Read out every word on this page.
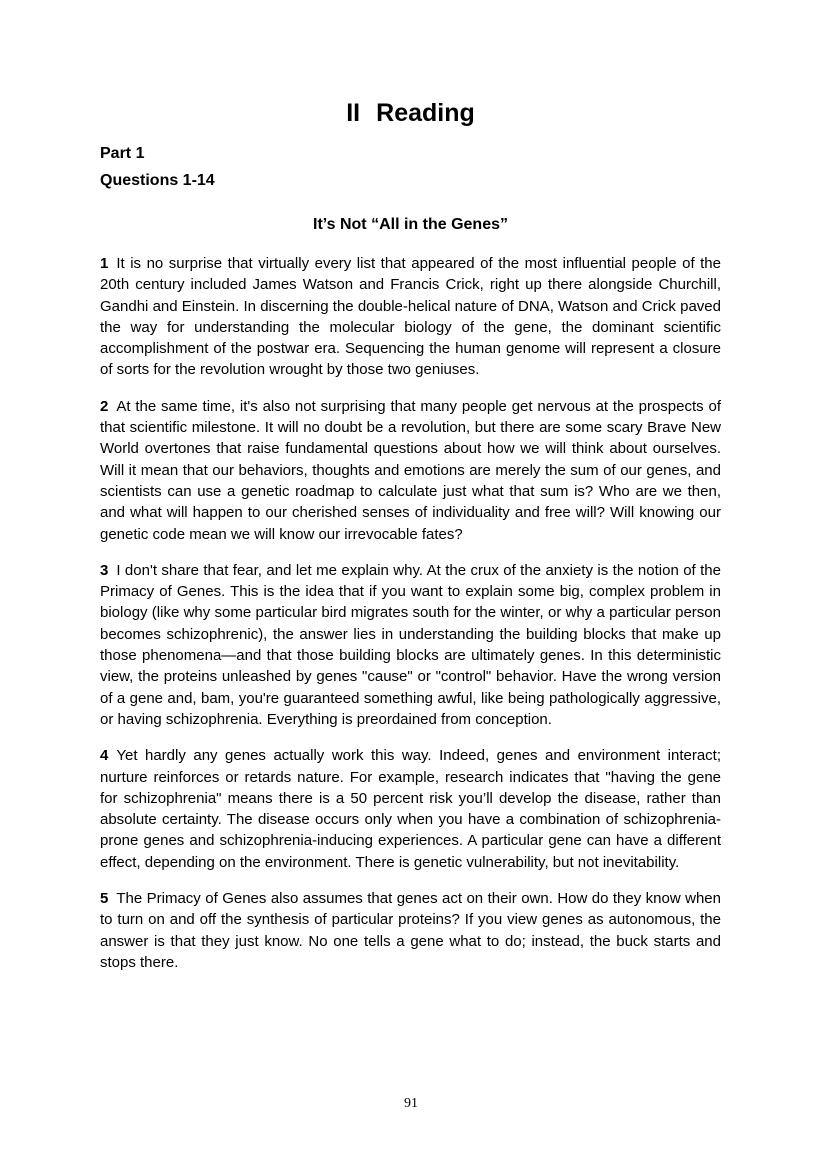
II Reading

Part 1

Questions 1-14

It’s Not “All in the Genes”

1 It is no surprise that virtually every list that appeared of the most influential people of the 20th century included James Watson and Francis Crick, right up there alongside Churchill, Gandhi and Einstein. In discerning the double-helical nature of DNA, Watson and Crick paved the way for understanding the molecular biology of the gene, the dominant scientific accomplishment of the postwar era. Sequencing the human genome will represent a closure of sorts for the revolution wrought by those two geniuses.

2 At the same time, it's also not surprising that many people get nervous at the prospects of that scientific milestone. It will no doubt be a revolution, but there are some scary Brave New World overtones that raise fundamental questions about how we will think about ourselves. Will it mean that our behaviors, thoughts and emotions are merely the sum of our genes, and scientists can use a genetic roadmap to calculate just what that sum is? Who are we then, and what will happen to our cherished senses of individuality and free will? Will knowing our genetic code mean we will know our irrevocable fates?

3 I don't share that fear, and let me explain why. At the crux of the anxiety is the notion of the Primacy of Genes. This is the idea that if you want to explain some big, complex problem in biology (like why some particular bird migrates south for the winter, or why a particular person becomes schizophrenic), the answer lies in understanding the building blocks that make up those phenomena—and that those building blocks are ultimately genes. In this deterministic view, the proteins unleashed by genes "cause" or "control" behavior. Have the wrong version of a gene and, bam, you're guaranteed something awful, like being pathologically aggressive, or having schizophrenia. Everything is preordained from conception.

4 Yet hardly any genes actually work this way. Indeed, genes and environment interact; nurture reinforces or retards nature. For example, research indicates that "having the gene for schizophrenia" means there is a 50 percent risk you’ll develop the disease, rather than absolute certainty. The disease occurs only when you have a combination of schizophrenia-prone genes and schizophrenia-inducing experiences. A particular gene can have a different effect, depending on the environment. There is genetic vulnerability, but not inevitability.

5 The Primacy of Genes also assumes that genes act on their own. How do they know when to turn on and off the synthesis of particular proteins? If you view genes as autonomous, the answer is that they just know. No one tells a gene what to do; instead, the buck starts and stops there.

91
